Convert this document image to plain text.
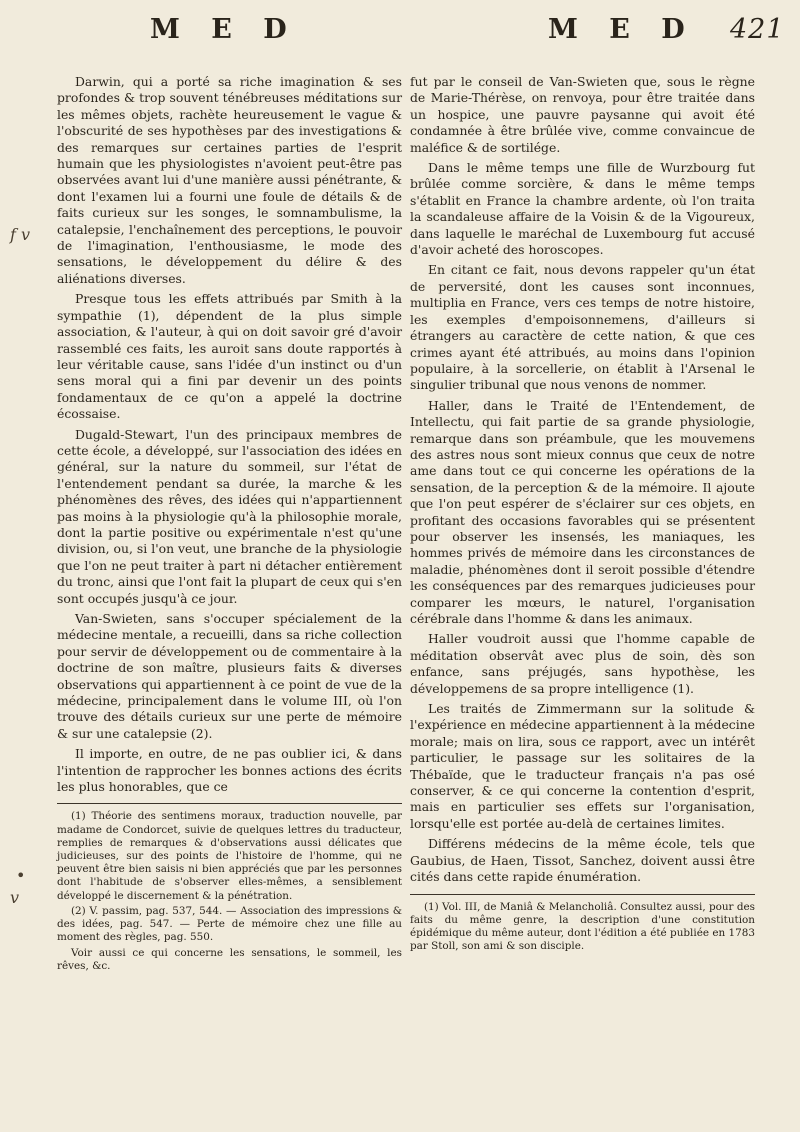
M E D	M E D 421
f v
•
v

Darwin, qui a porté sa riche imagination & ses profondes & trop souvent ténébreuses méditations sur les mêmes objets, rachète heureusement le vague & l'obscurité de ses hypothèses par des investigations & des remarques sur certaines parties de l'esprit humain que les physiologistes n'avoient peut-être pas observées avant lui d'une manière aussi pénétrante, & dont l'examen lui a fourni une foule de détails & de faits curieux sur les songes, le somnambulisme, la catalepsie, l'enchaînement des perceptions, le pouvoir de l'imagination, l'enthousiasme, le mode des sensations, le développement du délire & des aliénations diverses.

Presque tous les effets attribués par Smith à la sympathie (1), dépendent de la plus simple association, & l'auteur, à qui on doit savoir gré d'avoir rassemblé ces faits, les auroit sans doute rapportés à leur véritable cause, sans l'idée d'un instinct ou d'un sens moral qui a fini par devenir un des points fondamentaux de ce qu'on a appelé la doctrine écossaise.

Dugald-Stewart, l'un des principaux membres de cette école, a développé, sur l'association des idées en général, sur la nature du sommeil, sur l'état de l'entendement pendant sa durée, la marche & les phénomènes des rêves, des idées qui n'appartiennent pas moins à la physiologie qu'à la philosophie morale, dont la partie positive ou expérimentale n'est qu'une division, ou, si l'on veut, une branche de la physiologie que l'on ne peut traiter à part ni détacher entièrement du tronc, ainsi que l'ont fait la plupart de ceux qui s'en sont occupés jusqu'à ce jour.

Van-Swieten, sans s'occuper spécialement de la médecine mentale, a recueilli, dans sa riche collection pour servir de développement ou de commentaire à la doctrine de son maître, plusieurs faits & diverses observations qui appartiennent à ce point de vue de la médecine, principalement dans le volume III, où l'on trouve des détails curieux sur une perte de mémoire & sur une catalepsie (2).

Il importe, en outre, de ne pas oublier ici, & dans l'intention de rapprocher les bonnes actions des écrits les plus honorables, que ce

(1) Théorie des sentimens moraux, traduction nouvelle, par madame de Condorcet, suivie de quelques lettres du traducteur, remplies de remarques & d'observations aussi délicates que judicieuses, sur des points de l'histoire de l'homme, qui ne peuvent être bien saisis ni bien appréciés que par les personnes dont l'habitude de s'observer elles-mêmes, a sensiblement développé le discernement & la pénétration.

(2) V. passim, pag. 537, 544. — Association des impressions & des idées, pag. 547. — Perte de mémoire chez une fille au moment des règles, pag. 550.

Voir aussi ce qui concerne les sensations, le sommeil, les rêves, &c.

fut par le conseil de Van-Swieten que, sous le règne de Marie-Thérèse, on renvoya, pour être traitée dans un hospice, une pauvre paysanne qui avoit été condamnée à être brûlée vive, comme convaincue de maléfice & de sortilége.

Dans le même temps une fille de Wurzbourg fut brûlée comme sorcière, & dans le même temps s'établit en France la chambre ardente, où l'on traita la scandaleuse affaire de la Voisin & de la Vigoureux, dans laquelle le maréchal de Luxembourg fut accusé d'avoir acheté des horoscopes.

En citant ce fait, nous devons rappeler qu'un état de perversité, dont les causes sont inconnues, multiplia en France, vers ces temps de notre histoire, les exemples d'empoisonnemens, d'ailleurs si étrangers au caractère de cette nation, & que ces crimes ayant été attribués, au moins dans l'opinion populaire, à la sorcellerie, on établit à l'Arsenal le singulier tribunal que nous venons de nommer.

Haller, dans le Traité de l'Entendement, de Intellectu, qui fait partie de sa grande physiologie, remarque dans son préambule, que les mouvemens des astres nous sont mieux connus que ceux de notre ame dans tout ce qui concerne les opérations de la sensation, de la perception & de la mémoire. Il ajoute que l'on peut espérer de s'éclairer sur ces objets, en profitant des occasions favorables qui se présentent pour observer les insensés, les maniaques, les hommes privés de mémoire dans les circonstances de maladie, phénomènes dont il seroit possible d'étendre les conséquences par des remarques judicieuses pour comparer les mœurs, le naturel, l'organisation cérébrale dans l'homme & dans les animaux.

Haller voudroit aussi que l'homme capable de méditation observât avec plus de soin, dès son enfance, sans préjugés, sans hypothèse, les développemens de sa propre intelligence (1).

Les traités de Zimmermann sur la solitude & l'expérience en médecine appartiennent à la médecine morale; mais on lira, sous ce rapport, avec un intérêt particulier, le passage sur les solitaires de la Thébaïde, que le traducteur français n'a pas osé conserver, & ce qui concerne la contention d'esprit, mais en particulier ses effets sur l'organisation, lorsqu'elle est portée au-delà de certaines limites.

Différens médecins de la même école, tels que Gaubius, de Haen, Tissot, Sanchez, doivent aussi être cités dans cette rapide énumération.

(1) Vol. III, de Maniâ & Melancholiâ. Consultez aussi, pour des faits du même genre, la description d'une constitution épidémique du même auteur, dont l'édition a été publiée en 1783 par Stoll, son ami & son disciple.
